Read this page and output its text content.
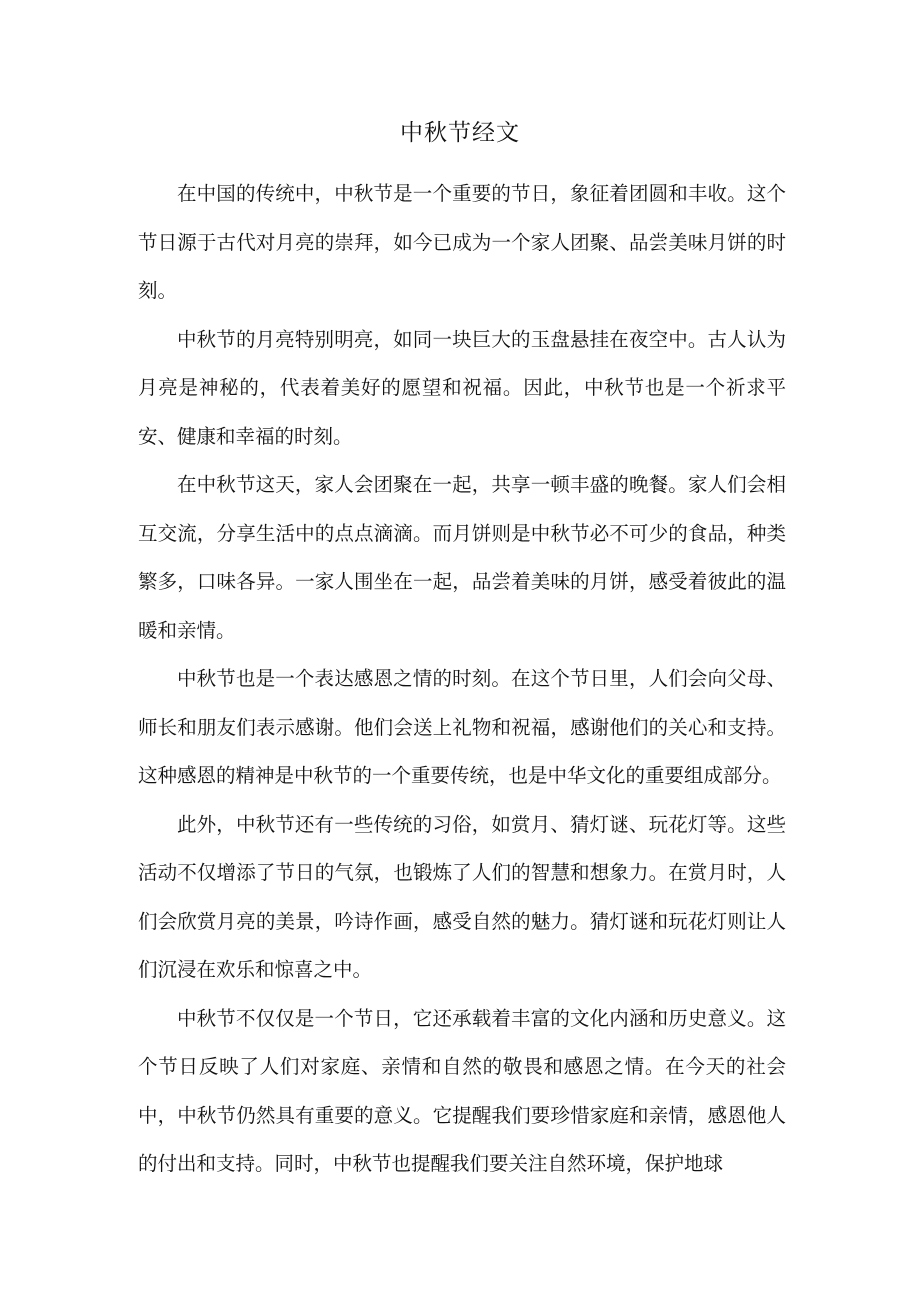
中秋节经文

在中国的传统中，中秋节是一个重要的节日，象征着团圆和丰收。这个节日源于古代对月亮的崇拜，如今已成为一个家人团聚、品尝美味月饼的时刻。

中秋节的月亮特别明亮，如同一块巨大的玉盘悬挂在夜空中。古人认为月亮是神秘的，代表着美好的愿望和祝福。因此，中秋节也是一个祈求平安、健康和幸福的时刻。

在中秋节这天，家人会团聚在一起，共享一顿丰盛的晚餐。家人们会相互交流，分享生活中的点点滴滴。而月饼则是中秋节必不可少的食品，种类繁多，口味各异。一家人围坐在一起，品尝着美味的月饼，感受着彼此的温暖和亲情。

中秋节也是一个表达感恩之情的时刻。在这个节日里，人们会向父母、师长和朋友们表示感谢。他们会送上礼物和祝福，感谢他们的关心和支持。这种感恩的精神是中秋节的一个重要传统，也是中华文化的重要组成部分。

此外，中秋节还有一些传统的习俗，如赏月、猜灯谜、玩花灯等。这些活动不仅增添了节日的气氛，也锻炼了人们的智慧和想象力。在赏月时，人们会欣赏月亮的美景，吟诗作画，感受自然的魅力。猜灯谜和玩花灯则让人们沉浸在欢乐和惊喜之中。

中秋节不仅仅是一个节日，它还承载着丰富的文化内涵和历史意义。这个节日反映了人们对家庭、亲情和自然的敬畏和感恩之情。在今天的社会中，中秋节仍然具有重要的意义。它提醒我们要珍惜家庭和亲情，感恩他人的付出和支持。同时，中秋节也提醒我们要关注自然环境，保护地球
